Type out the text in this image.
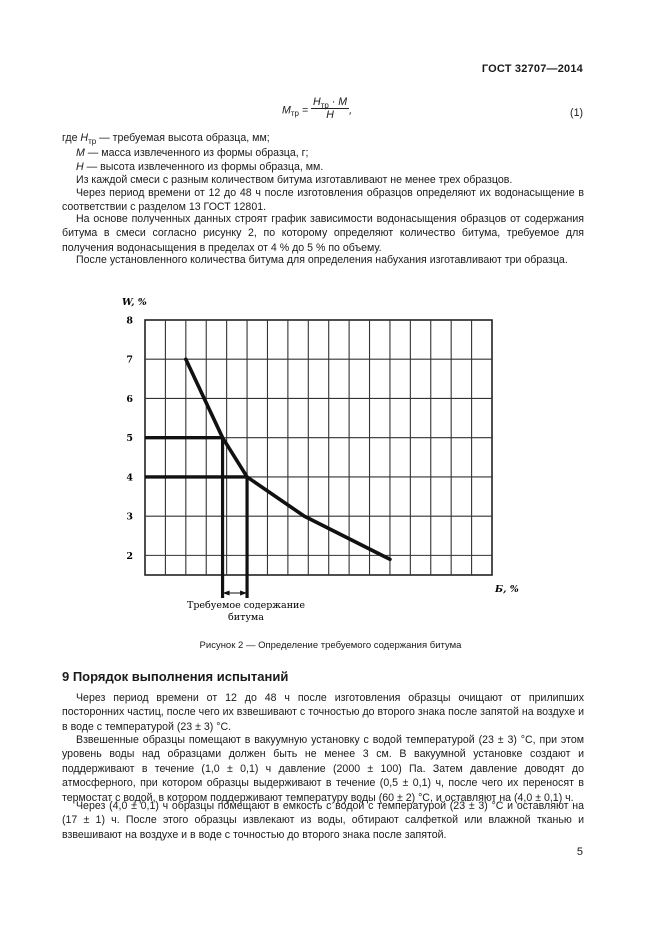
ГОСТ 32707—2014
$M_{тр}$ =
$H_{тр} \cdot M$
H	,	(1)
где $H_{тр}$ — требуемая высота образца, мм;
M — масса извлеченного из формы образца, г;
H — высота извлеченного из формы образца, мм.
Из каждой смеси с разным количеством битума изготавливают не менее трех образцов.
Через период времени от 12 до 48 ч после изготовления образцов определяют их водонасыщение в соответствии с разделом 13 ГОСТ 12801.
На основе полученных данных строят график зависимости водонасыщения образцов от содержания битума в смеси согласно рисунку 2, по которому определяют количество битума, требуемое для получения водонасыщения в пределах от 4 % до 5 % по объему.
После установленного количества битума для определения набухания изготавливают три образца.
2
3
4
5
6
7
8
W, %
Б, %
Требуемое содержание
битума
Рисунок 2 — Определение требуемого содержания битума
9 Порядок выполнения испытаний
Через период времени от 12 до 48 ч после изготовления образцы очищают от прилипших посторонних частиц, после чего их взвешивают с точностью до второго знака после запятой на воздухе и в воде с температурой (23 ± 3) °С.
Взвешенные образцы помещают в вакуумную установку с водой температурой (23 ± 3) °С, при этом уровень воды над образцами должен быть не менее 3 см. В вакуумной установке создают и поддерживают в течение (1,0 ± 0,1) ч давление (2000 ± 100) Па. Затем давление доводят до атмосферного, при котором образцы выдерживают в течение (0,5 ± 0,1) ч, после чего их переносят в термостат с водой, в котором поддерживают температуру воды (60 ± 2) °С, и оставляют на (4,0 ± 0,1) ч.
Через (4,0 ± 0,1) ч образцы помещают в емкость с водой с температурой (23 ± 3) °С и оставляют на (17 ± 1) ч. После этого образцы извлекают из воды, обтирают салфеткой или влажной тканью и взвешивают на воздухе и в воде с точностью до второго знака после запятой.
5
